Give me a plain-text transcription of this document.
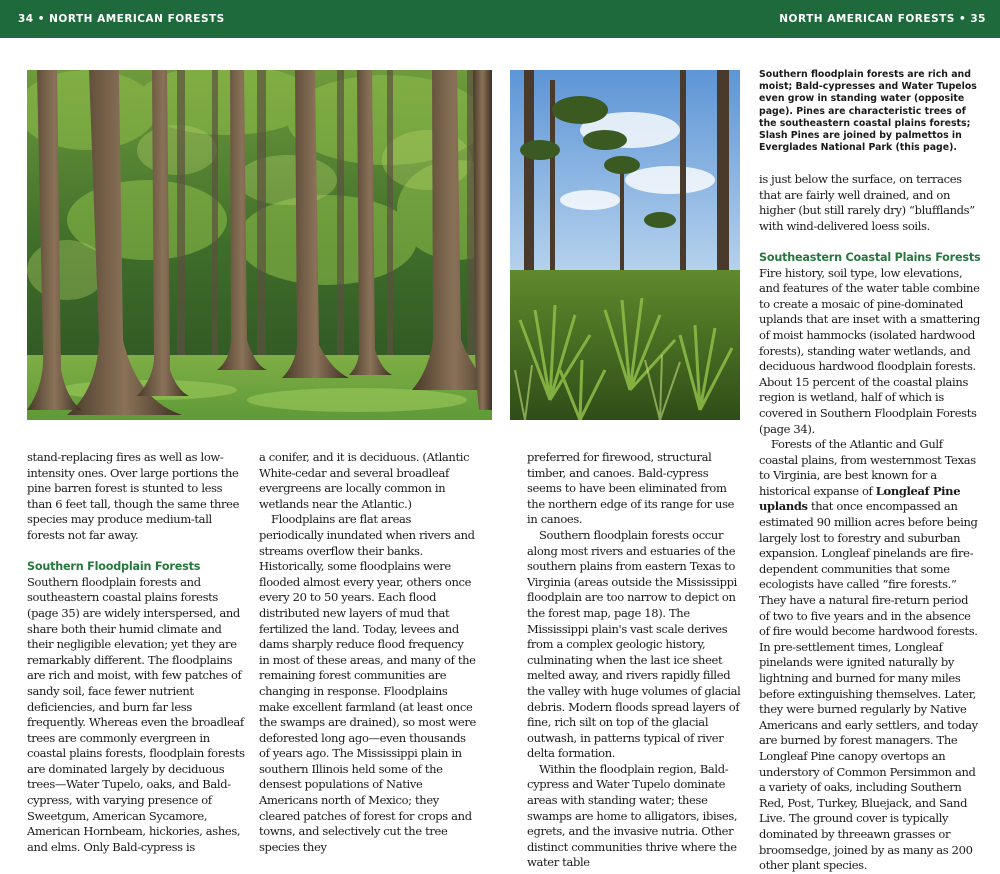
34 • NORTH AMERICAN FORESTS	NORTH AMERICAN FORESTS • 35
Southern floodplain forests are rich and moist; Bald-cypresses and Water Tupelos even grow in standing water (opposite page). Pines are characteristic trees of the southeastern coastal plains forests; Slash Pines are joined by palmettos in Everglades National Park (this page).

stand-replacing fires as well as low-intensity ones. Over large portions the pine barren forest is stunted to less than 6 feet tall, though the same three species may produce medium-tall forests not far away.

Southern Floodplain Forests

Southern floodplain forests and southeastern coastal plains forests (page 35) are widely interspersed, and share both their humid climate and their negligible elevation; yet they are remarkably different. The floodplains are rich and moist, with few patches of sandy soil, face fewer nutrient deficiencies, and burn far less frequently. Whereas even the broadleaf trees are commonly evergreen in coastal plains forests, floodplain forests are dominated largely by deciduous trees—Water Tupelo, oaks, and Bald-cypress, with varying presence of Sweetgum, American Sycamore, American Hornbeam, hickories, ashes, and elms. Only Bald-cypress is

a conifer, and it is deciduous. (Atlantic White-cedar and several broadleaf evergreens are locally common in wetlands near the Atlantic.)

Floodplains are flat areas periodically inundated when rivers and streams overflow their banks. Historically, some floodplains were flooded almost every year, others once every 20 to 50 years. Each flood distributed new layers of mud that fertilized the land. Today, levees and dams sharply reduce flood frequency in most of these areas, and many of the remaining forest communities are changing in response. Floodplains make excellent farmland (at least once the swamps are drained), so most were deforested long ago—even thousands of years ago. The Mississippi plain in southern Illinois held some of the densest populations of Native Americans north of Mexico; they cleared patches of forest for crops and towns, and selectively cut the tree species they

preferred for firewood, structural timber, and canoes. Bald-cypress seems to have been eliminated from the northern edge of its range for use in canoes.

Southern floodplain forests occur along most rivers and estuaries of the southern plains from eastern Texas to Virginia (areas outside the Mississippi floodplain are too narrow to depict on the forest map, page 18). The Mississippi plain's vast scale derives from a complex geologic history, culminating when the last ice sheet melted away, and rivers rapidly filled the valley with huge volumes of glacial debris. Modern floods spread layers of fine, rich silt on top of the glacial outwash, in patterns typical of river delta formation.

Within the floodplain region, Bald-cypress and Water Tupelo dominate areas with standing water; these swamps are home to alligators, ibises, egrets, and the invasive nutria. Other distinct communities thrive where the water table

is just below the surface, on terraces that are fairly well drained, and on higher (but still rarely dry) “blufflands” with wind-delivered loess soils.

Southeastern Coastal Plains Forests

Fire history, soil type, low elevations, and features of the water table combine to create a mosaic of pine-dominated uplands that are inset with a smattering of moist hammocks (isolated hardwood forests), standing water wetlands, and deciduous hardwood floodplain forests. About 15 percent of the coastal plains region is wetland, half of which is covered in Southern Floodplain Forests (page 34).

Forests of the Atlantic and Gulf coastal plains, from westernmost Texas to Virginia, are best known for a historical expanse of Longleaf Pine uplands that once encompassed an estimated 90 million acres before being largely lost to forestry and suburban expansion. Longleaf pinelands are fire-dependent communities that some ecologists have called “fire forests.” They have a natural fire-return period of two to five years and in the absence of fire would become hardwood forests. In pre-settlement times, Longleaf pinelands were ignited naturally by lightning and burned for many miles before extinguishing themselves. Later, they were burned regularly by Native Americans and early settlers, and today are burned by forest managers. The Longleaf Pine canopy overtops an understory of Common Persimmon and a variety of oaks, including Southern Red, Post, Turkey, Bluejack, and Sand Live. The ground cover is typically dominated by threeawn grasses or broomsedge, joined by as many as 200 other plant species.
